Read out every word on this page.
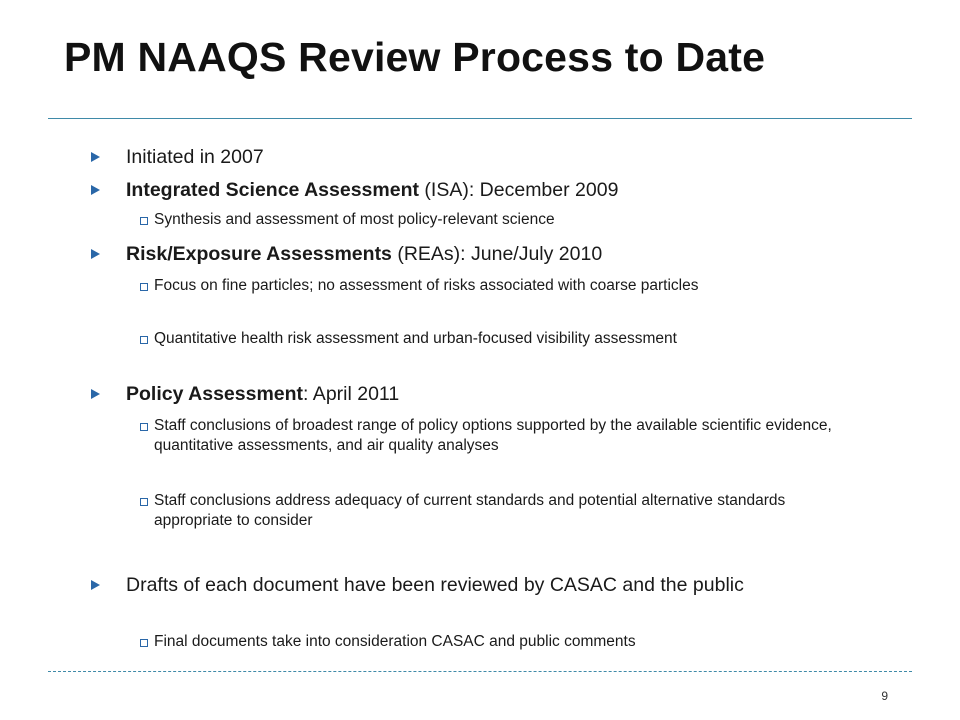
PM NAAQS Review Process to Date
Initiated in 2007
Integrated Science Assessment (ISA): December 2009
Synthesis and assessment of most policy-relevant science
Risk/Exposure Assessments (REAs): June/July 2010
Focus on fine particles; no assessment of risks associated with coarse particles
Quantitative health risk assessment and urban-focused visibility assessment
Policy Assessment: April 2011
Staff conclusions of broadest range of policy options supported by the available scientific evidence, quantitative assessments, and air quality analyses
Staff conclusions address adequacy of current standards and potential alternative standards appropriate to consider
Drafts of each document have been reviewed by CASAC and the public
Final documents take into consideration CASAC and public comments
9
